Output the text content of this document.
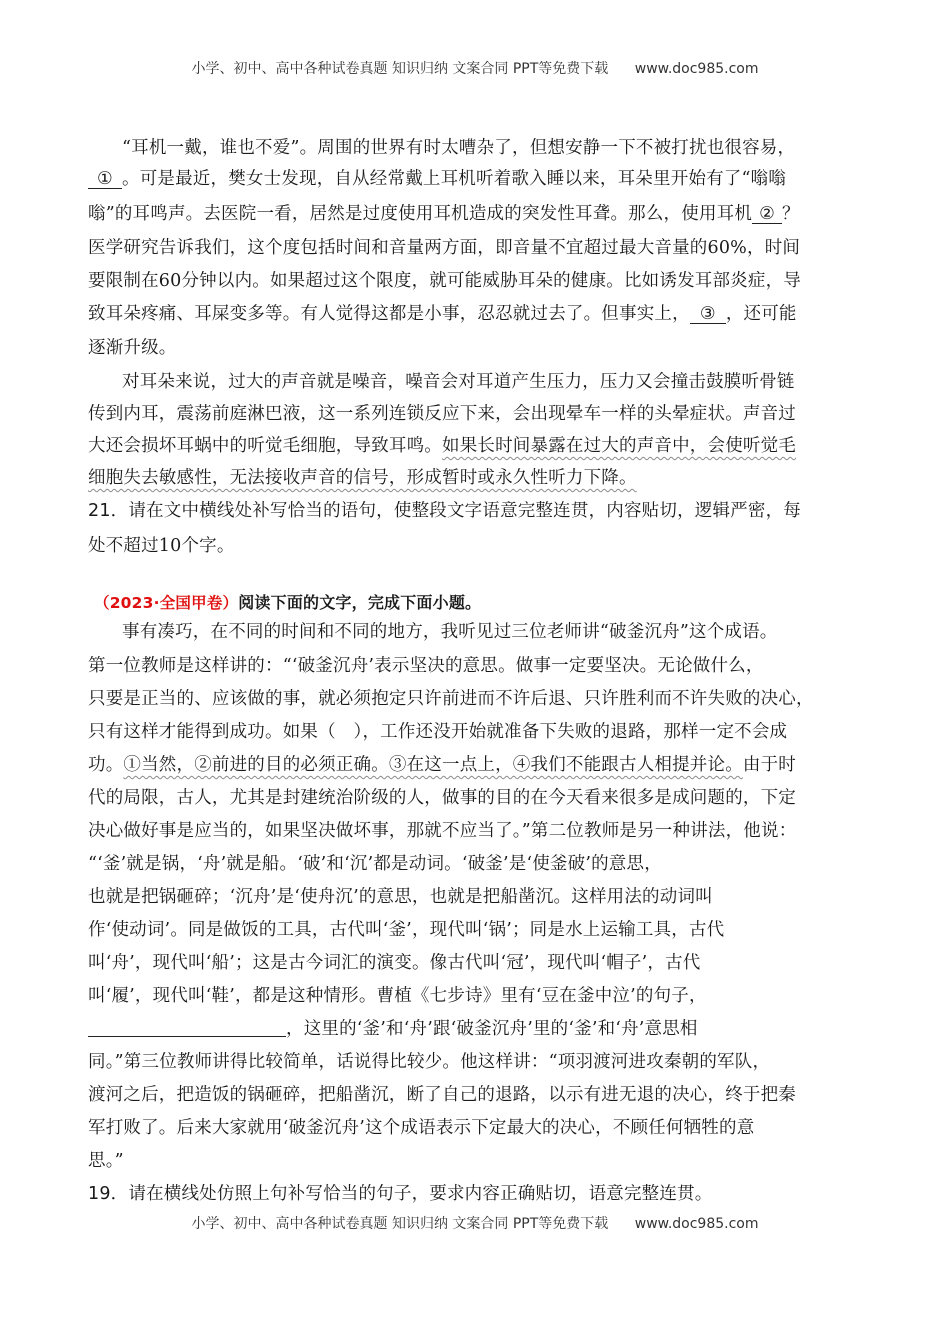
小学、初中、高中各种试卷真题 知识归纳 文案合同 PPT等免费下载 www.doc985.com
“耳机一戴，谁也不爱”。周围的世界有时太嘈杂了，但想安静一下不被打扰也很容易，
① 。可是最近，樊女士发现，自从经常戴上耳机听着歌入睡以来，耳朵里开始有了“嗡嗡
嗡”的耳鸣声。去医院一看，居然是过度使用耳机造成的突发性耳聋。那么，使用耳机 ② ？
医学研究告诉我们，这个度包括时间和音量两方面，即音量不宜超过最大音量的60%，时间
要限制在60分钟以内。如果超过这个限度，就可能威胁耳朵的健康。比如诱发耳部炎症，导
致耳朵疼痛、耳屎变多等。有人觉得这都是小事，忍忍就过去了。但事实上， ③ ，还可能
逐渐升级。
对耳朵来说，过大的声音就是噪音，噪音会对耳道产生压力，压力又会撞击鼓膜听骨链
传到内耳，震荡前庭淋巴液，这一系列连锁反应下来，会出现晕车一样的头晕症状。声音过
大还会损坏耳蜗中的听觉毛细胞，导致耳鸣。如果长时间暴露在过大的声音中，会使听觉毛
细胞失去敏感性，无法接收声音的信号，形成暂时或永久性听力下降。
21．请在文中横线处补写恰当的语句，使整段文字语意完整连贯，内容贴切，逻辑严密，每
处不超过10个字。
（2023·全国甲卷）阅读下面的文字，完成下面小题。
事有凑巧，在不同的时间和不同的地方，我听见过三位老师讲“破釜沉舟”这个成语。
第一位教师是这样讲的：“‘破釜沉舟’表示坚决的意思。做事一定要坚决。无论做什么，
只要是正当的、应该做的事，就必须抱定只许前进而不许后退、只许胜利而不许失败的决心，
只有这样才能得到成功。如果（　），工作还没开始就准备下失败的退路，那样一定不会成
功。①当然，②前进的目的必须正确。③在这一点上，④我们不能跟古人相提并论。由于时
代的局限，古人，尤其是封建统治阶级的人，做事的目的在今天看来很多是成问题的，下定
决心做好事是应当的，如果坚决做坏事，那就不应当了。”第二位教师是另一种讲法，他说：
“‘釜’就是锅，‘舟’就是船。‘破’和‘沉’都是动词。‘破釜’是‘使釜破’的意思，
也就是把锅砸碎；‘沉舟’是‘使舟沉’的意思，也就是把船凿沉。这样用法的动词叫
作‘使动词’。同是做饭的工具，古代叫‘釜’，现代叫‘锅’；同是水上运输工具，古代
叫‘舟’，现代叫‘船’；这是古今词汇的演变。像古代叫‘冠’，现代叫‘帽子’，古代
叫‘履’，现代叫‘鞋’，都是这种情形。曹植《七步诗》里有‘豆在釜中泣’的句子，
，这里的‘釜’和‘舟’跟‘破釜沉舟’里的‘釜’和‘舟’意思相
同。”第三位教师讲得比较简单，话说得比较少。他这样讲：“项羽渡河进攻秦朝的军队，
渡河之后，把造饭的锅砸碎，把船凿沉，断了自己的退路，以示有进无退的决心，终于把秦
军打败了。后来大家就用‘破釜沉舟’这个成语表示下定最大的决心，不顾任何牺牲的意
思。”
19．请在横线处仿照上句补写恰当的句子，要求内容正确贴切，语意完整连贯。
小学、初中、高中各种试卷真题 知识归纳 文案合同 PPT等免费下载 www.doc985.com
